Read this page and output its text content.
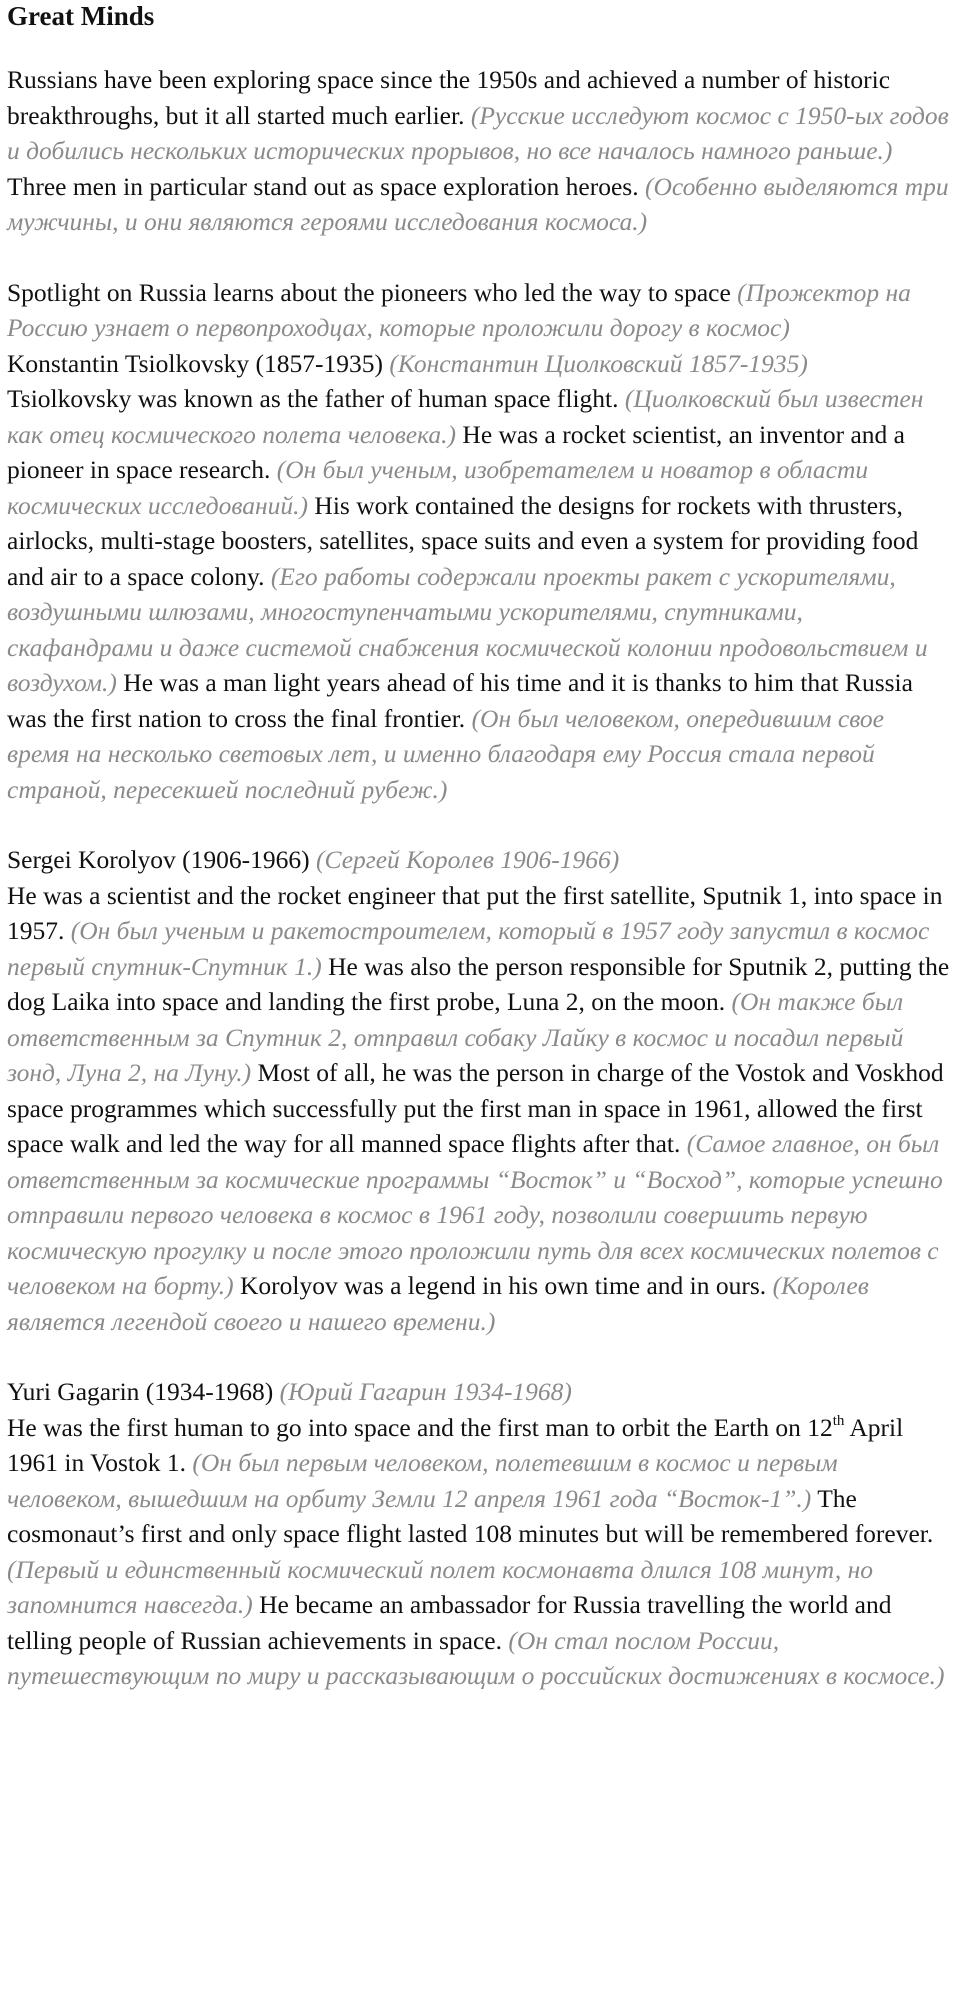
Great Minds

Russians have been exploring space since the 1950s and achieved a number of historic breakthroughs, but it all started much earlier. (Русские исследуют космос с 1950-ых годов и добились нескольких исторических прорывов, но все началось намного раньше.) Three men in particular stand out as space exploration heroes. (Особенно выделяются три мужчины, и они являются героями исследования космоса.)

Spotlight on Russia learns about the pioneers who led the way to space (Прожектор на Россию узнает о первопроходцах, которые проложили дорогу в космос)

Konstantin Tsiolkovsky (1857-1935) (Константин Циолковский 1857-1935)

Tsiolkovsky was known as the father of human space flight. (Циолковский был известен как отец космического полета человека.) He was a rocket scientist, an inventor and a pioneer in space research. (Он был ученым, изобретателем и новатор в области космических исследований.) His work contained the designs for rockets with thrusters, airlocks, multi-stage boosters, satellites, space suits and even a system for providing food and air to a space colony. (Его работы содержали проекты ракет с ускорителями, воздушными шлюзами, многоступенчатыми ускорителями, спутниками, скафандрами и даже системой снабжения космической колонии продовольствием и воздухом.) He was a man light years ahead of his time and it is thanks to him that Russia was the first nation to cross the final frontier. (Он был человеком, опередившим свое время на несколько световых лет, и именно благодаря ему Россия стала первой страной, пересекшей последний рубеж.)

Sergei Korolyov (1906-1966) (Сергей Королев 1906-1966)

He was a scientist and the rocket engineer that put the first satellite, Sputnik 1, into space in 1957. (Он был ученым и ракетостроителем, который в 1957 году запустил в космос первый спутник-Спутник 1.) He was also the person responsible for Sputnik 2, putting the dog Laika into space and landing the first probe, Luna 2, on the moon. (Он также был ответственным за Спутник 2, отправил собаку Лайку в космос и посадил первый зонд, Луна 2, на Луну.) Most of all, he was the person in charge of the Vostok and Voskhod space programmes which successfully put the first man in space in 1961, allowed the first space walk and led the way for all manned space flights after that. (Самое главное, он был ответственным за космические программы “Восток” и “Восход”, которые успешно отправили первого человека в космос в 1961 году, позволили совершить первую космическую прогулку и после этого проложили путь для всех космических полетов с человеком на борту.) Korolyov was a legend in his own time and in ours. (Королев является легендой своего и нашего времени.)

Yuri Gagarin (1934-1968) (Юрий Гагарин 1934-1968)

He was the first human to go into space and the first man to orbit the Earth on 12th April 1961 in Vostok 1. (Он был первым человеком, полетевшим в космос и первым человеком, вышедшим на орбиту Земли 12 апреля 1961 года “Восток-1”.) The cosmonaut’s first and only space flight lasted 108 minutes but will be remembered forever. (Первый и единственный космический полет космонавта длился 108 минут, но запомнится навсегда.) He became an ambassador for Russia travelling the world and telling people of Russian achievements in space. (Он стал послом России, путешествующим по миру и рассказывающим о российских достижениях в космосе.)
